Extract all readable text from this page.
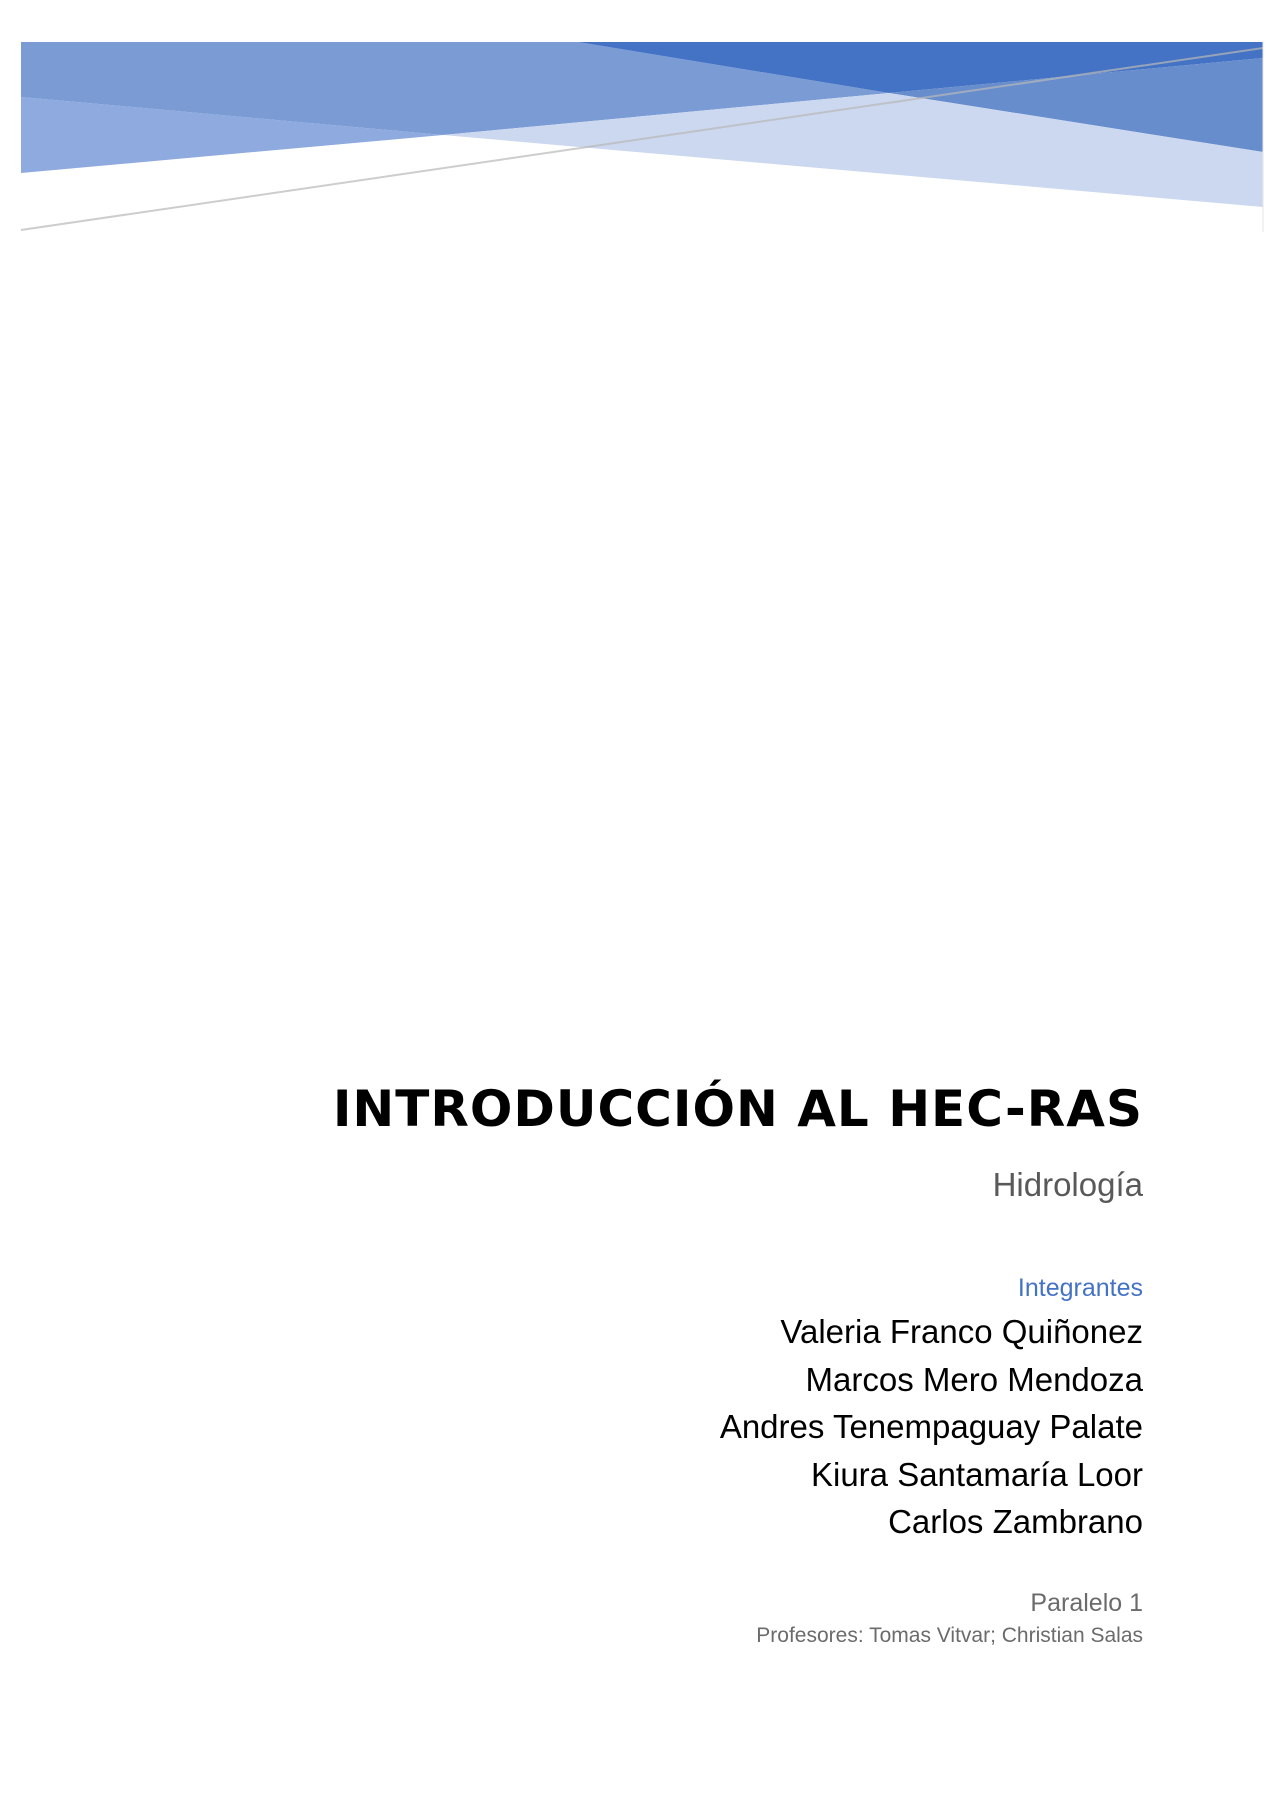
INTRODUCCIÓN AL HEC-RAS
Hidrología
Integrantes
Valeria Franco Quiñonez
Marcos Mero Mendoza
Andres Tenempaguay Palate
Kiura Santamaría Loor
Carlos Zambrano
Paralelo 1
Profesores: Tomas Vitvar; Christian Salas
